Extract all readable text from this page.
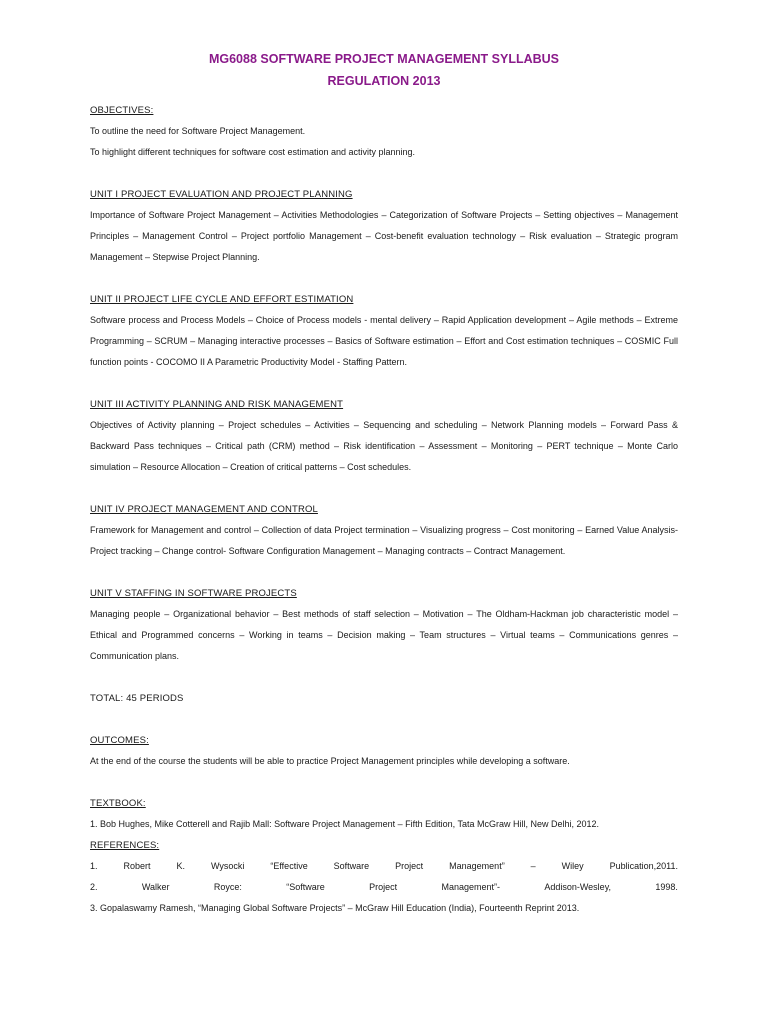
MG6088 SOFTWARE PROJECT MANAGEMENT SYLLABUS

REGULATION 2013

OBJECTIVES:

To outline the need for Software Project Management.

To highlight different techniques for software cost estimation and activity planning.

UNIT I PROJECT EVALUATION AND PROJECT PLANNING

Importance of Software Project Management – Activities Methodologies – Categorization of Software Projects – Setting objectives – Management Principles – Management Control – Project portfolio Management – Cost-benefit evaluation technology – Risk evaluation – Strategic program Management – Stepwise Project Planning.

UNIT II PROJECT LIFE CYCLE AND EFFORT ESTIMATION

Software process and Process Models – Choice of Process models - mental delivery – Rapid Application development – Agile methods – Extreme Programming – SCRUM – Managing interactive processes – Basics of Software estimation – Effort and Cost estimation techniques – COSMIC Full function points - COCOMO II A Parametric Productivity Model - Staffing Pattern.

UNIT III ACTIVITY PLANNING AND RISK MANAGEMENT

Objectives of Activity planning – Project schedules – Activities – Sequencing and scheduling – Network Planning models – Forward Pass & Backward Pass techniques – Critical path (CRM) method – Risk identification – Assessment – Monitoring – PERT technique – Monte Carlo simulation – Resource Allocation – Creation of critical patterns – Cost schedules.

UNIT IV PROJECT MANAGEMENT AND CONTROL

Framework for Management and control – Collection of data Project termination – Visualizing progress – Cost monitoring – Earned Value Analysis- Project tracking – Change control- Software Configuration Management – Managing contracts – Contract Management.

UNIT V STAFFING IN SOFTWARE PROJECTS

Managing people – Organizational behavior – Best methods of staff selection – Motivation – The Oldham-Hackman job characteristic model – Ethical and Programmed concerns – Working in teams – Decision making – Team structures – Virtual teams – Communications genres – Communication plans.

TOTAL: 45 PERIODS

OUTCOMES:

At the end of the course the students will be able to practice Project Management principles while developing a software.

TEXTBOOK:

1. Bob Hughes, Mike Cotterell and Rajib Mall: Software Project Management – Fifth Edition, Tata McGraw Hill, New Delhi, 2012.

REFERENCES:

1.	Robert	K.	Wysocki	“Effective	Software	Project	Management”	–	Wiley	Publication,2011.
2.	Walker	Royce:	“Software	Project	Management”-	Addison-Wesley,	1998.

3. Gopalaswamy Ramesh, “Managing Global Software Projects” – McGraw Hill Education (India), Fourteenth Reprint 2013.
